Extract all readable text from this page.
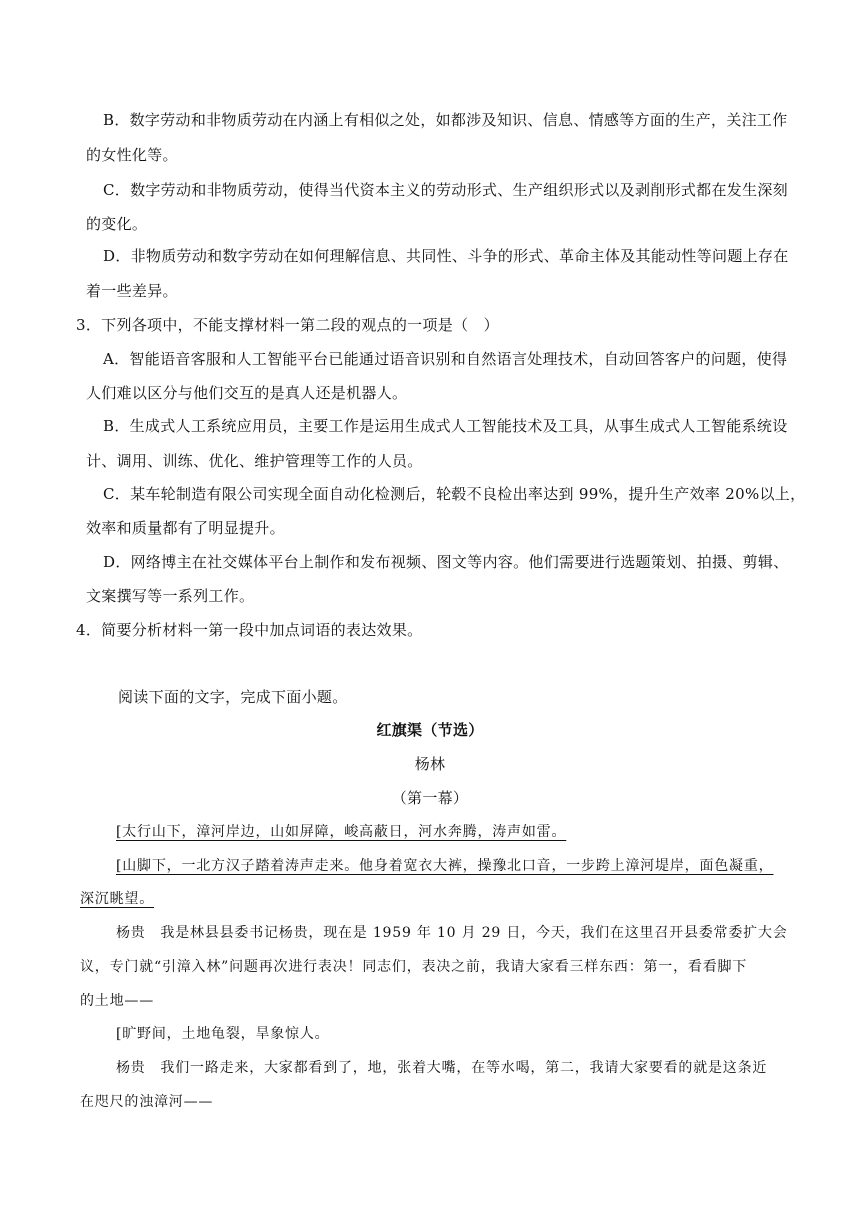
B．数字劳动和非物质劳动在内涵上有相似之处，如都涉及知识、信息、情感等方面的生产，关注工作
的女性化等。
C．数字劳动和非物质劳动，使得当代资本主义的劳动形式、生产组织形式以及剥削形式都在发生深刻
的变化。
D．非物质劳动和数字劳动在如何理解信息、共同性、斗争的形式、革命主体及其能动性等问题上存在
着一些差异。
3．下列各项中，不能支撑材料一第二段的观点的一项是（　）
A．智能语音客服和人工智能平台已能通过语音识别和自然语言处理技术，自动回答客户的问题，使得
人们难以区分与他们交互的是真人还是机器人。
B．生成式人工系统应用员，主要工作是运用生成式人工智能技术及工具，从事生成式人工智能系统设
计、调用、训练、优化、维护管理等工作的人员。
C．某车轮制造有限公司实现全面自动化检测后，轮毂不良检出率达到 99%，提升生产效率 20%以上，
效率和质量都有了明显提升。
D．网络博主在社交媒体平台上制作和发布视频、图文等内容。他们需要进行选题策划、拍摄、剪辑、
文案撰写等一系列工作。
4．简要分析材料一第一段中加点词语的表达效果。
阅读下面的文字，完成下面小题。
红旗渠（节选）
杨林
（第一幕）
[太行山下，漳河岸边，山如屏障，峻高蔽日，河水奔腾，涛声如雷。
[山脚下，一北方汉子踏着涛声走来。他身着宽衣大裤，操豫北口音，一步跨上漳河堤岸，面色凝重，
深沉眺望。
杨贵　我是林县县委书记杨贵，现在是 1959 年 10 月 29 日，今天，我们在这里召开县委常委扩大会
议，专门就“引漳入林”问题再次进行表决！同志们，表决之前，我请大家看三样东西：第一，看看脚下
的土地——
[旷野间，土地龟裂，旱象惊人。
杨贵　我们一路走来，大家都看到了，地，张着大嘴，在等水喝，第二，我请大家要看的就是这条近
在咫尺的浊漳河——
